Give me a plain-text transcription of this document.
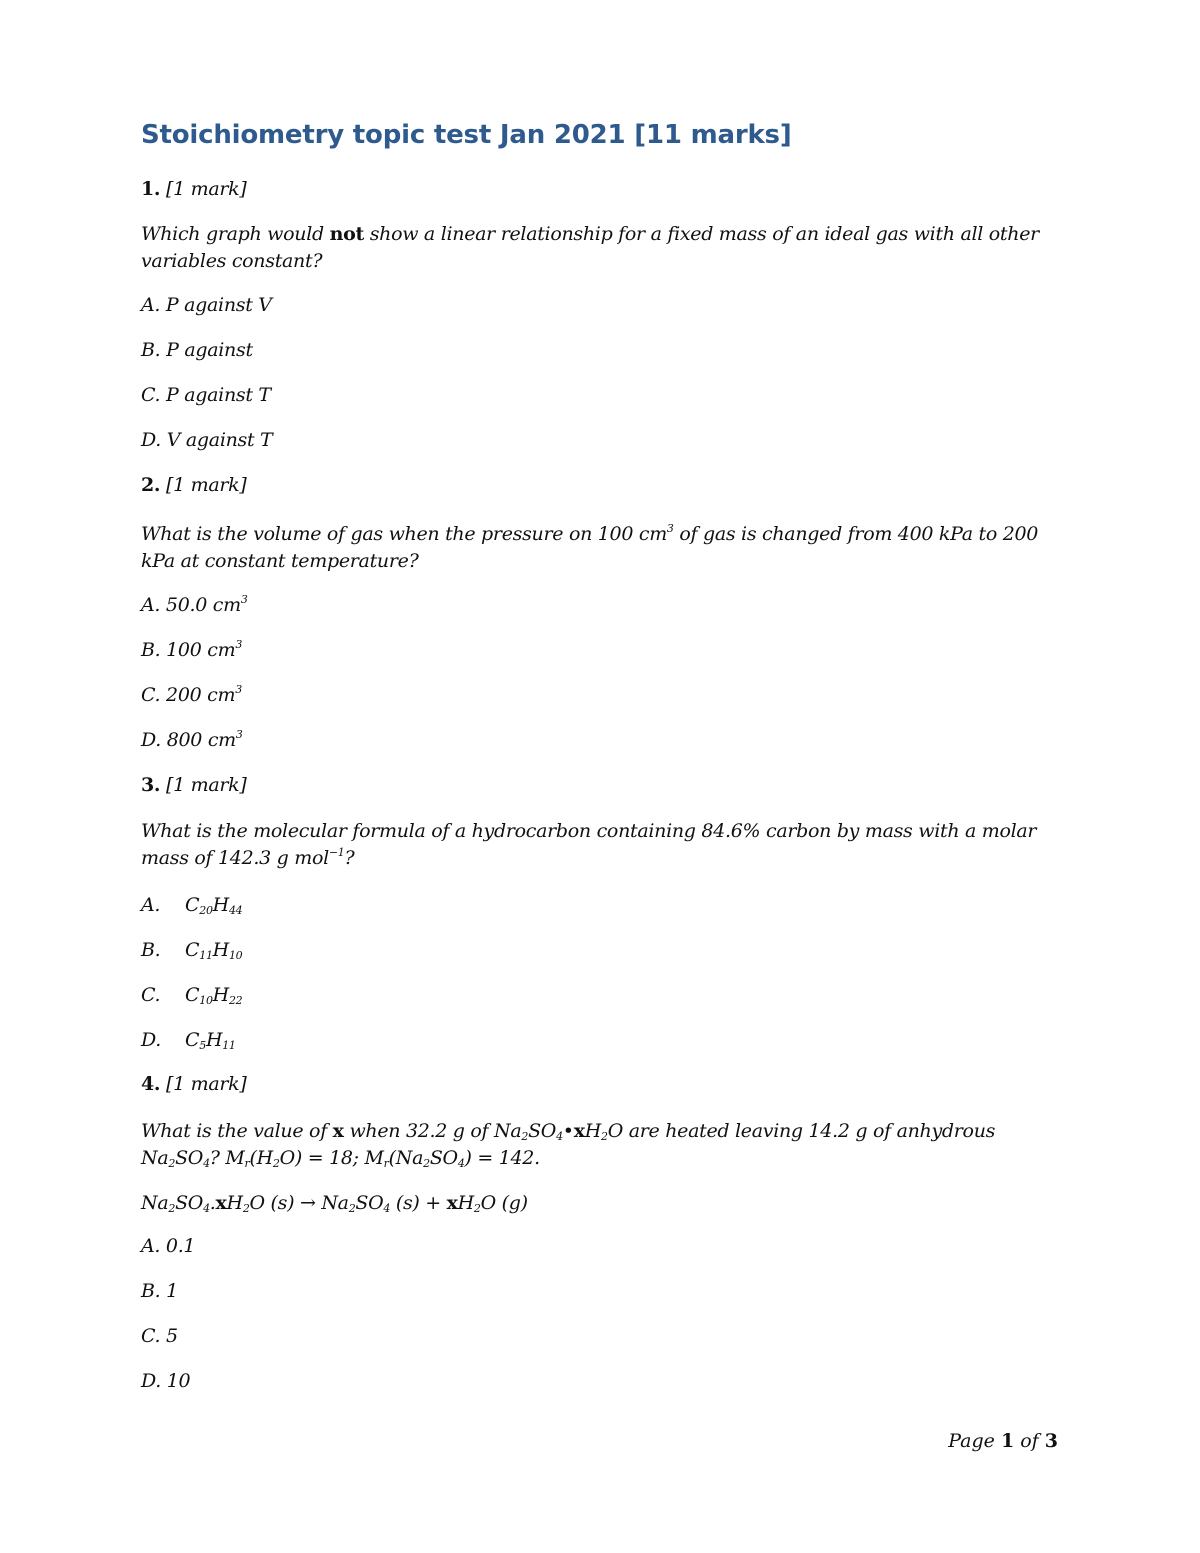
Stoichiometry topic test Jan 2021 [11 marks]
1. [1 mark]
Which graph would not show a linear relationship for a fixed mass of an ideal gas with all other variables constant?
A. P against V
B. P against
C. P against T
D. V against T
2. [1 mark]
What is the volume of gas when the pressure on 100 $cm^3$ of gas is changed from 400 kPa to 200 kPa at constant temperature?
A. 50.0 $cm^3$
B. 100 $cm^3$
C. 200 $cm^3$
D. 800 $cm^3$
3. [1 mark]
What is the molecular formula of a hydrocarbon containing 84.6% carbon by mass with a molar mass of 142.3 g mol$^{-1}$?
A. $C_{20}H_{44}$
B. $C_{11}H_{10}$
C. $C_{10}H_{22}$
D. $C_5H_{11}$
4. [1 mark]
What is the value of x when 32.2 g of $Na_2SO_4•xH_2O$ are heated leaving 14.2 g of anhydrous $Na_2SO_4$? $M_r(H_2O) = 18$; $M_r(Na_2SO_4) = 142$.
$Na_2SO_4.xH_2O$ $(s) \to Na_2SO_4$ $(s) + xH_2O$ (g)
A. 0.1
B. 1
C. 5
D. 10
Page 1 of 3
